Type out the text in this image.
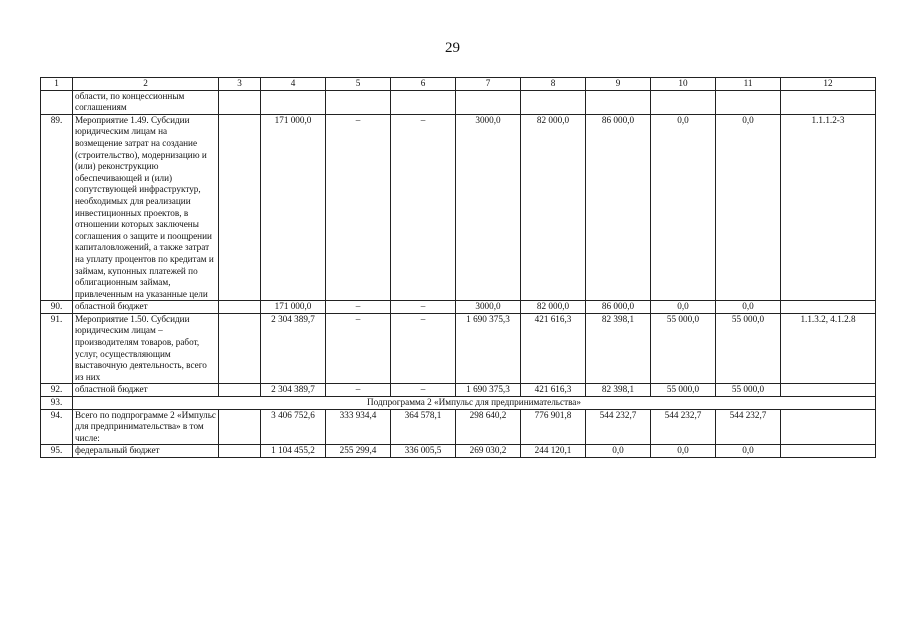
29
1	2	3	4	5	6	7	8	9	10	11	12
	области, по концессионным соглашениям										
89.	Мероприятие 1.49. Субсидии юридическим лицам на возмещение затрат на создание (строительство), модернизацию и (или) реконструкцию обеспечивающей и (или) сопутствующей инфраструктур, необходимых для реализации инвестиционных проектов, в отношении которых заключены соглашения о защите и поощрении капиталовложений, а также затрат на уплату процентов по кредитам и займам, купонных платежей по облигационным займам, привлеченным на указанные цели		171 000,0	–	–	3000,0	82 000,0	86 000,0	0,0	0,0	1.1.1.2-3
90.	областной бюджет		171 000,0	–	–	3000,0	82 000,0	86 000,0	0,0	0,0	
91.	Мероприятие 1.50. Субсидии юридическим лицам – производителям товаров, работ, услуг, осуществляющим выставочную деятельность, всего из них		2 304 389,7	–	–	1 690 375,3	421 616,3	82 398,1	55 000,0	55 000,0	1.1.3.2, 4.1.2.8
92.	областной бюджет		2 304 389,7	–	–	1 690 375,3	421 616,3	82 398,1	55 000,0	55 000,0	
93.	Подпрограмма 2 «Импульс для предпринимательства»										
94.	Всего по подпрограмме 2 «Импульс для предпринимательства» в том числе:		3 406 752,6	333 934,4	364 578,1	298 640,2	776 901,8	544 232,7	544 232,7	544 232,7	
95.	федеральный бюджет		1 104 455,2	255 299,4	336 005,5	269 030,2	244 120,1	0,0	0,0	0,0	
